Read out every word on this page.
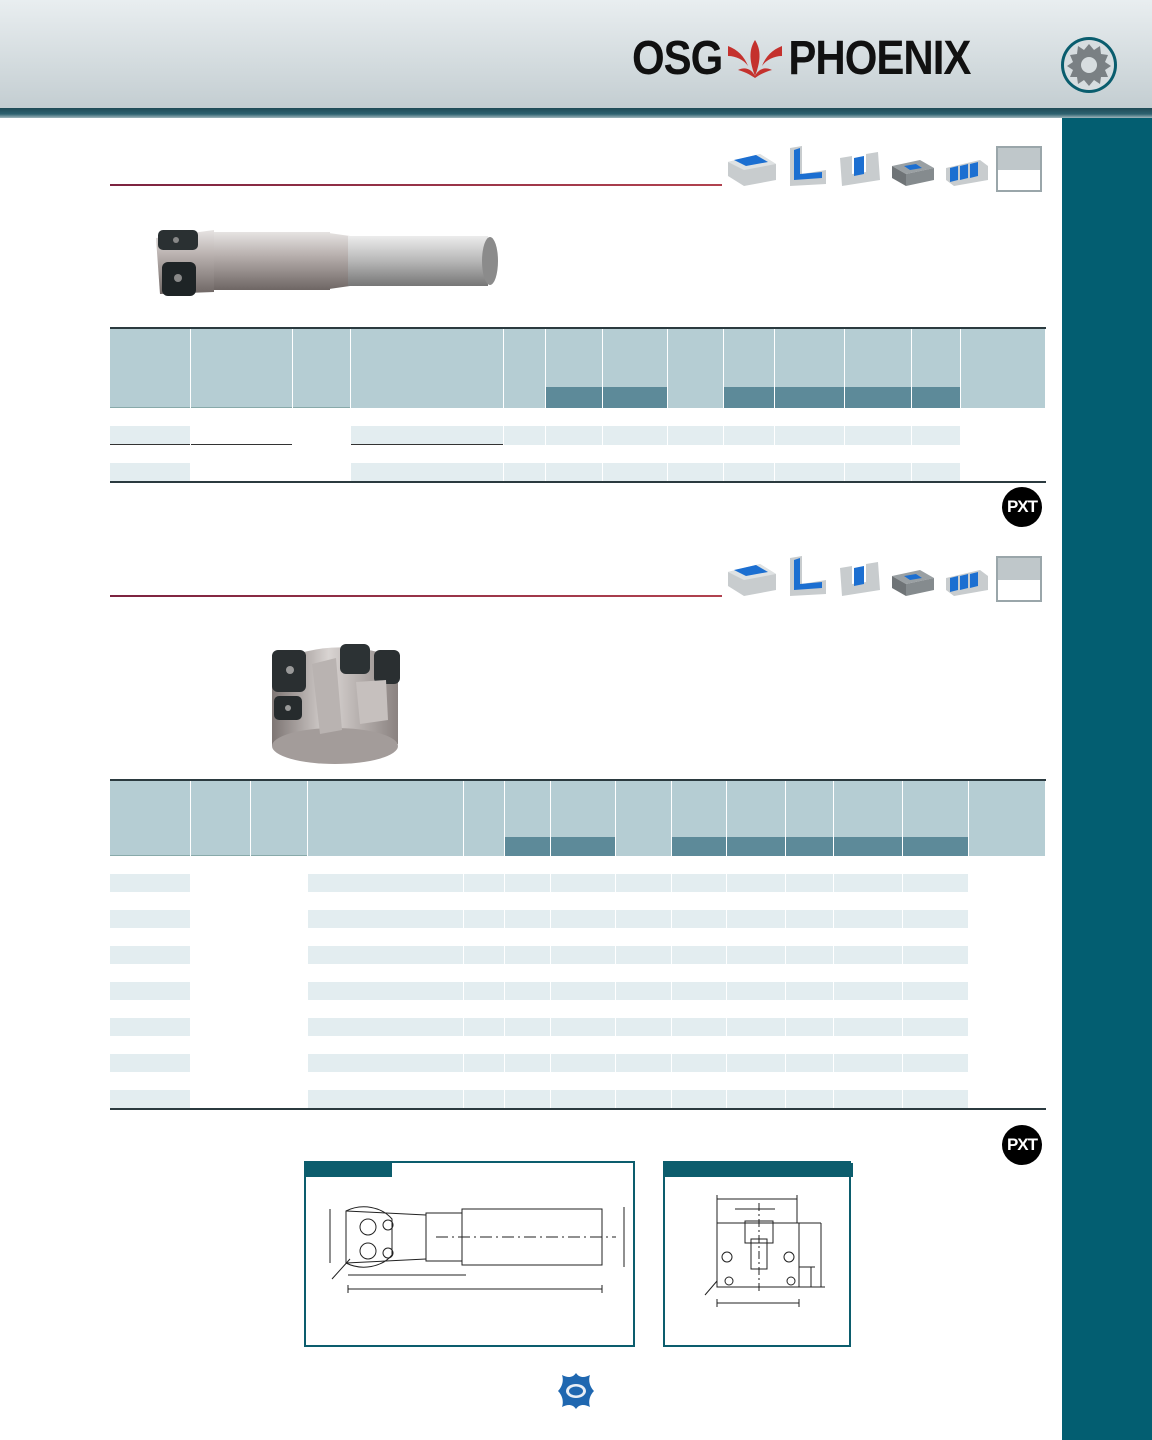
OSG PHOENIX

PXT

PXT
